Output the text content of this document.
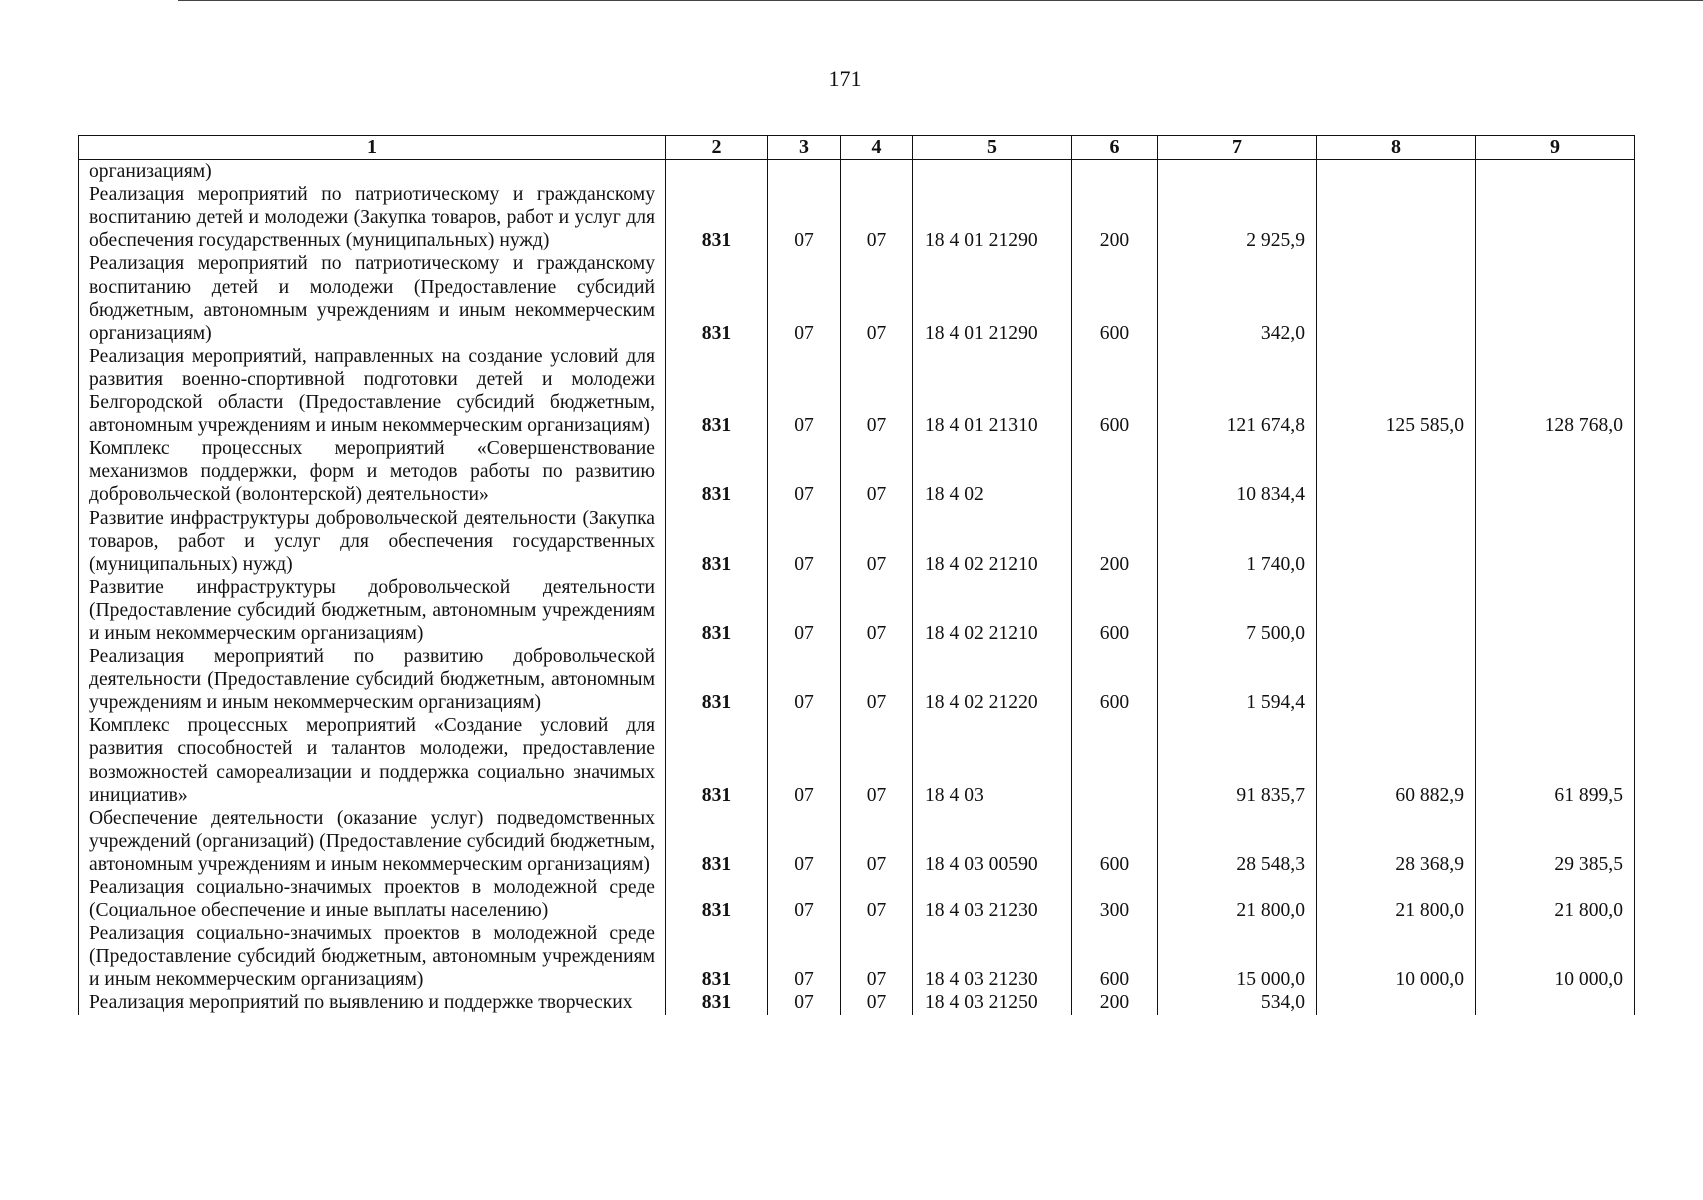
171
1	2	3	4	5	6	7	8	9
организациям)								
Реализация мероприятий по патриотическому и гражданскому воспитанию детей и молодежи (Закупка товаров, работ и услуг для обеспечения государственных (муниципальных) нужд)	831	07	07	18 4 01 21290	200	2 925,9		
Реализация мероприятий по патриотическому и гражданскому воспитанию детей и молодежи (Предоставление субсидий бюджетным, автономным учреждениям и иным некоммерческим организациям)	831	07	07	18 4 01 21290	600	342,0		
Реализация мероприятий, направленных на создание условий для развития военно-спортивной подготовки детей и молодежи Белгородской области (Предоставление субсидий бюджетным, автономным учреждениям и иным некоммерческим организациям)	831	07	07	18 4 01 21310	600	121 674,8	125 585,0	128 768,0
Комплекс процессных мероприятий «Совершенствование механизмов поддержки, форм и методов работы по развитию добровольческой (волонтерской) деятельности»	831	07	07	18 4 02		10 834,4		
Развитие инфраструктуры добровольческой деятельности (Закупка товаров, работ и услуг для обеспечения государственных (муниципальных) нужд)	831	07	07	18 4 02 21210	200	1 740,0		
Развитие инфраструктуры добровольческой деятельности (Предоставление субсидий бюджетным, автономным учреждениям и иным некоммерческим организациям)	831	07	07	18 4 02 21210	600	7 500,0		
Реализация мероприятий по развитию добровольческой деятельности (Предоставление субсидий бюджетным, автономным учреждениям и иным некоммерческим организациям)	831	07	07	18 4 02 21220	600	1 594,4		
Комплекс процессных мероприятий «Создание условий для развития способностей и талантов молодежи, предоставление возможностей самореализации и поддержка социально значимых инициатив»	831	07	07	18 4 03		91 835,7	60 882,9	61 899,5
Обеспечение деятельности (оказание услуг) подведомственных учреждений (организаций) (Предоставление субсидий бюджетным, автономным учреждениям и иным некоммерческим организациям)	831	07	07	18 4 03 00590	600	28 548,3	28 368,9	29 385,5
Реализация социально-значимых проектов в молодежной среде (Социальное обеспечение и иные выплаты населению)	831	07	07	18 4 03 21230	300	21 800,0	21 800,0	21 800,0
Реализация социально-значимых проектов в молодежной среде (Предоставление субсидий бюджетным, автономным учреждениям и иным некоммерческим организациям)	831	07	07	18 4 03 21230	600	15 000,0	10 000,0	10 000,0
Реализация мероприятий по выявлению и поддержке творческих	831	07	07	18 4 03 21250	200	534,0		
